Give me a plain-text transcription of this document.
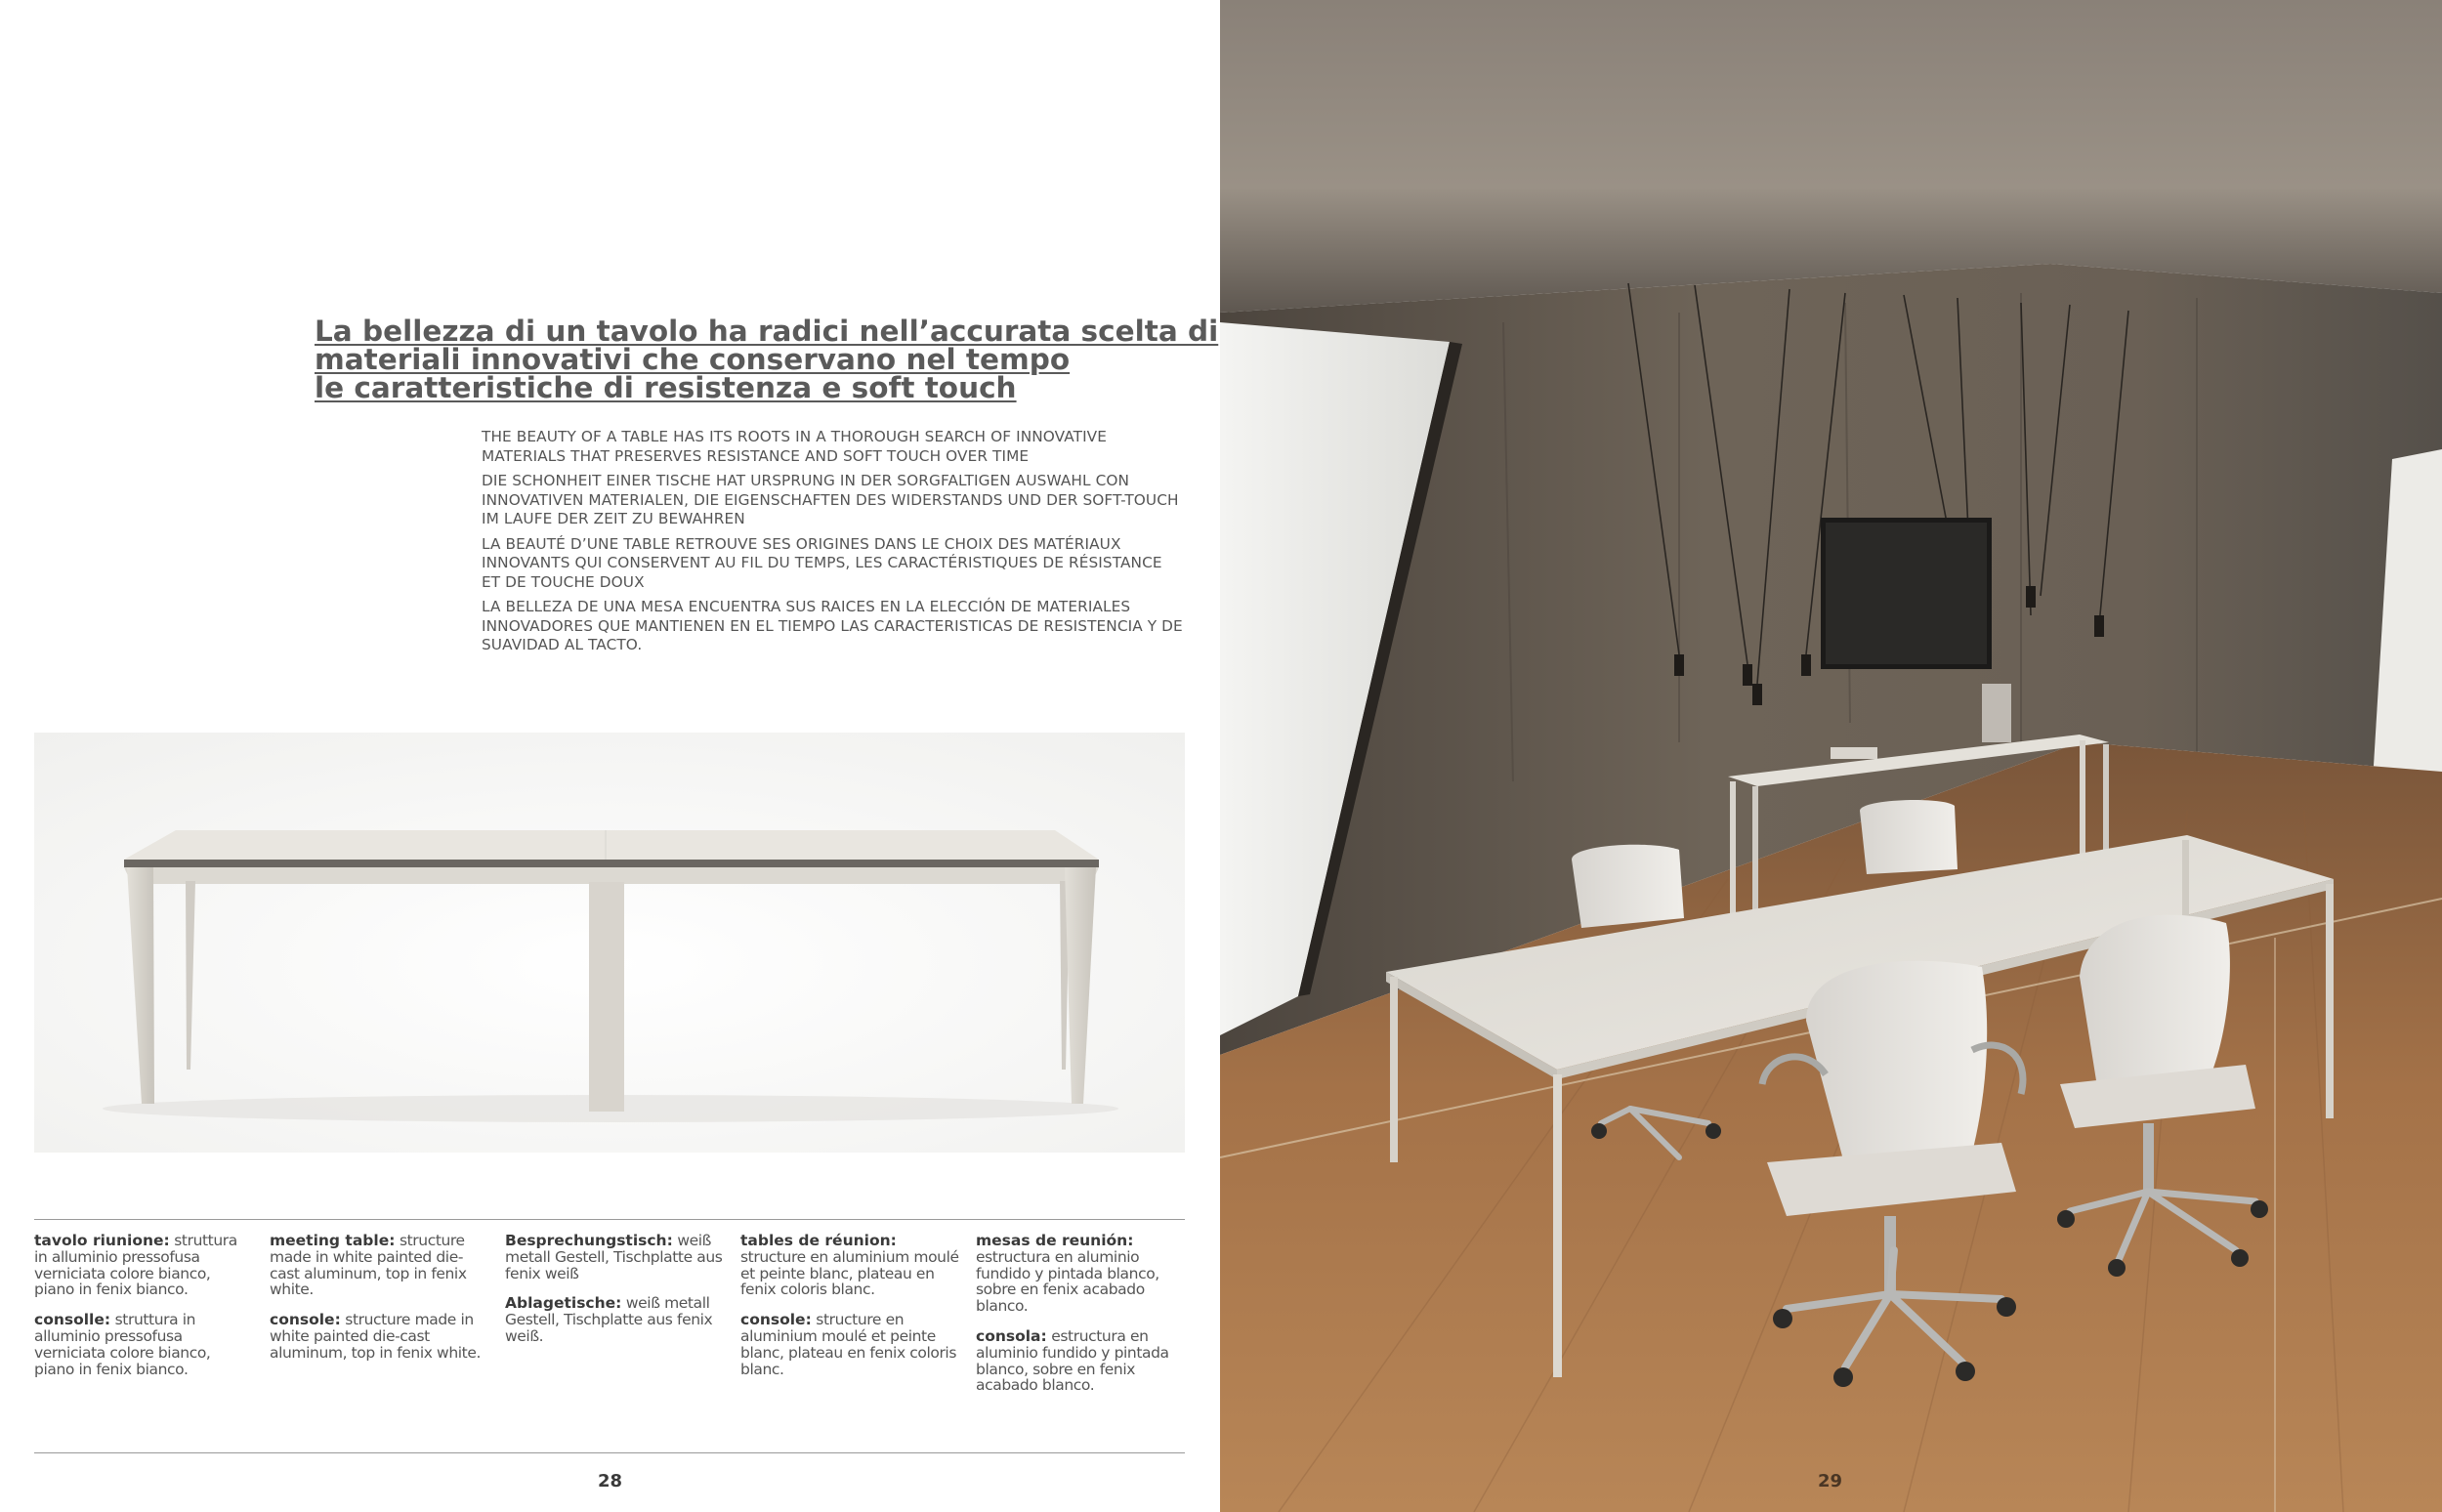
La bellezza di un tavolo ha radici nell’accurata scelta di
materiali innovativi che conservano nel tempo
le caratteristiche di resistenza e soft touch

THE BEAUTY OF A TABLE HAS ITS ROOTS IN A THOROUGH SEARCH OF INNOVATIVE MATERIALS THAT PRESERVES RESISTANCE AND SOFT TOUCH OVER TIME

DIE SCHONHEIT EINER TISCHE HAT URSPRUNG IN DER SORGFALTIGEN AUSWAHL CON INNOVATIVEN MATERIALEN, DIE EIGENSCHAFTEN DES WIDERSTANDS UND DER SOFT-TOUCH IM LAUFE DER ZEIT ZU BEWAHREN

LA BEAUTÉ D’UNE TABLE RETROUVE SES ORIGINES DANS LE CHOIX DES MATÉRIAUX INNOVANTS QUI CONSERVENT AU FIL DU TEMPS, LES CARACTÉRISTIQUES DE RÉSISTANCE ET DE TOUCHE DOUX

LA BELLEZA DE UNA MESA ENCUENTRA SUS RAICES EN LA ELECCIÓN DE MATERIALES INNOVADORES QUE MANTIENEN EN EL TIEMPO LAS CARACTERISTICAS DE RESISTENCIA Y DE SUAVIDAD AL TACTO.

tavolo riunione: struttura in alluminio pressofusa verniciata colore bianco, piano in fenix bianco.
consolle: struttura in alluminio pressofusa verniciata colore bianco, piano in fenix bianco.
meeting table: structure made in white painted die-cast aluminum, top in fenix white.
console: structure made in white painted die-cast aluminum, top in fenix white.
Besprechungstisch: weiß metall Gestell, Tischplatte aus fenix weiß
Ablagetische: weiß metall Gestell, Tischplatte aus fenix weiß.
tables de réunion: structure en aluminium moulé et peinte blanc, plateau en fenix coloris blanc.
console: structure en aluminium moulé et peinte blanc, plateau en fenix coloris blanc.
mesas de reunión: estructura en aluminio fundido y pintada blanco, sobre en fenix acabado blanco.
consola: estructura en aluminio fundido y pintada blanco, sobre en fenix acabado blanco.
28	29
